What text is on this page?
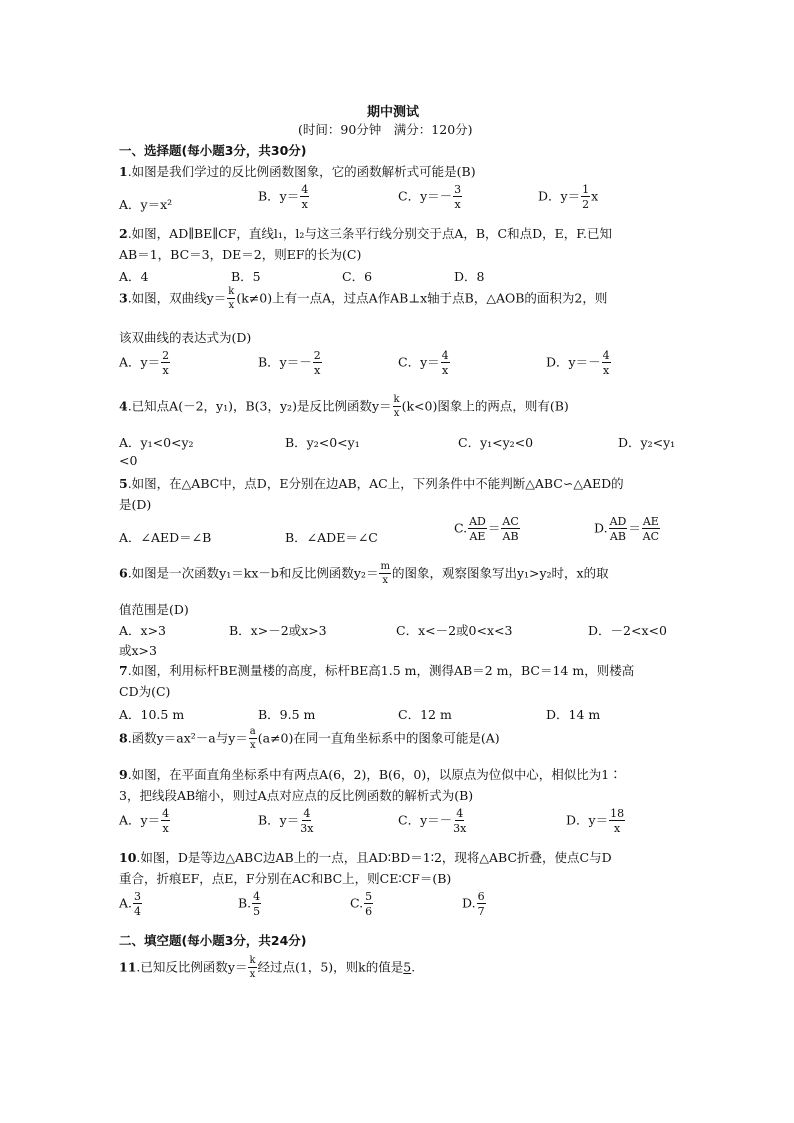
期中测试
(时间：90分钟　满分：120分)
一、选择题(每小题3分，共30分)
1.如图是我们学过的反比例函数图象，它的函数解析式可能是(B)
A．y＝x²
B．$y= \frac{4}{x}$	C．$y=- \frac{3}{x}$	D．$y= \frac{1}{2}$ x
2.如图，AD∥BE∥CF，直线l₁，l₂与这三条平行线分别交于点A，B，C和点D，E，F.已知
AB＝1，BC＝3，DE＝2，则EF的长为(C)
A．4	B．5	C．6	D．8
3.如图，双曲线$y= \frac{k}{x} (k\ne 0)$上有一点A，过点A作AB⊥x轴于点B，△AOB的面积为2，则
该双曲线的表达式为(D)
A．$y= \frac{2}{x}$	B．$y=- \frac{2}{x}$	C．$y= \frac{4}{x}$	D．$y=- \frac{4}{x}$
4.已知点A(－2，y₁)，B(3，y₂)是反比例函数$y= \frac{k}{x} (k<0)$图象上的两点，则有(B)
A．y₁<0<y₂	B．y₂<0<y₁	C．y₁<y₂<0	D．y₂<y₁
<0
5.如图，在△ABC中，点D，E分别在边AB，AC上，下列条件中不能判断△ABC∽△AED的
是(D)
A．∠AED＝∠B	B．∠ADE＝∠C
C. $\frac{AD}{AE} = \frac{AC}{AB}$	D. $\frac{AD}{AB} = \frac{AE}{AC}$
6.如图是一次函数y₁＝kx－b和反比例函数$y_2= \frac{m}{x}$ 的图象，观察图象写出y₁>y₂时，x的取
值范围是(D)
A．x>3	B．x>－2或x>3	C．x<－2或0<x<3	D．－2<x<0
或x>3
7.如图，利用标杆BE测量楼的高度，标杆BE高1.5 m，测得AB＝2 m，BC＝14 m，则楼高
CD为(C)
A．10.5 m	B．9.5 m	C．12 m	D．14 m
8.函数y＝ax²－a与$y= \frac{a}{x} (a\ne 0)$在同一直角坐标系中的图象可能是(A)
9.如图，在平面直角坐标系中有两点A(6，2)，B(6，0)，以原点为位似中心，相似比为1∶
3，把线段AB缩小，则过A点对应点的反比例函数的解析式为(B)
A．$y= \frac{4}{x}$	B．$y= \frac{4}{3x}$	C．$y=- \frac{4}{3x}$	D．$y= \frac{18}{x}$
10.如图，D是等边△ABC边AB上的一点，且AD∶BD＝1∶2，现将△ABC折叠，使点C与D
重合，折痕EF，点E，F分别在AC和BC上，则CE∶CF＝(B)
A. $\frac{3}{4}$	B. $\frac{4}{5}$	C. $\frac{5}{6}$	D. $\frac{6}{7}$
二、填空题(每小题3分，共24分)
11.已知反比例函数$y= \frac{k}{x}$ 经过点(1，5)，则k的值是5.
